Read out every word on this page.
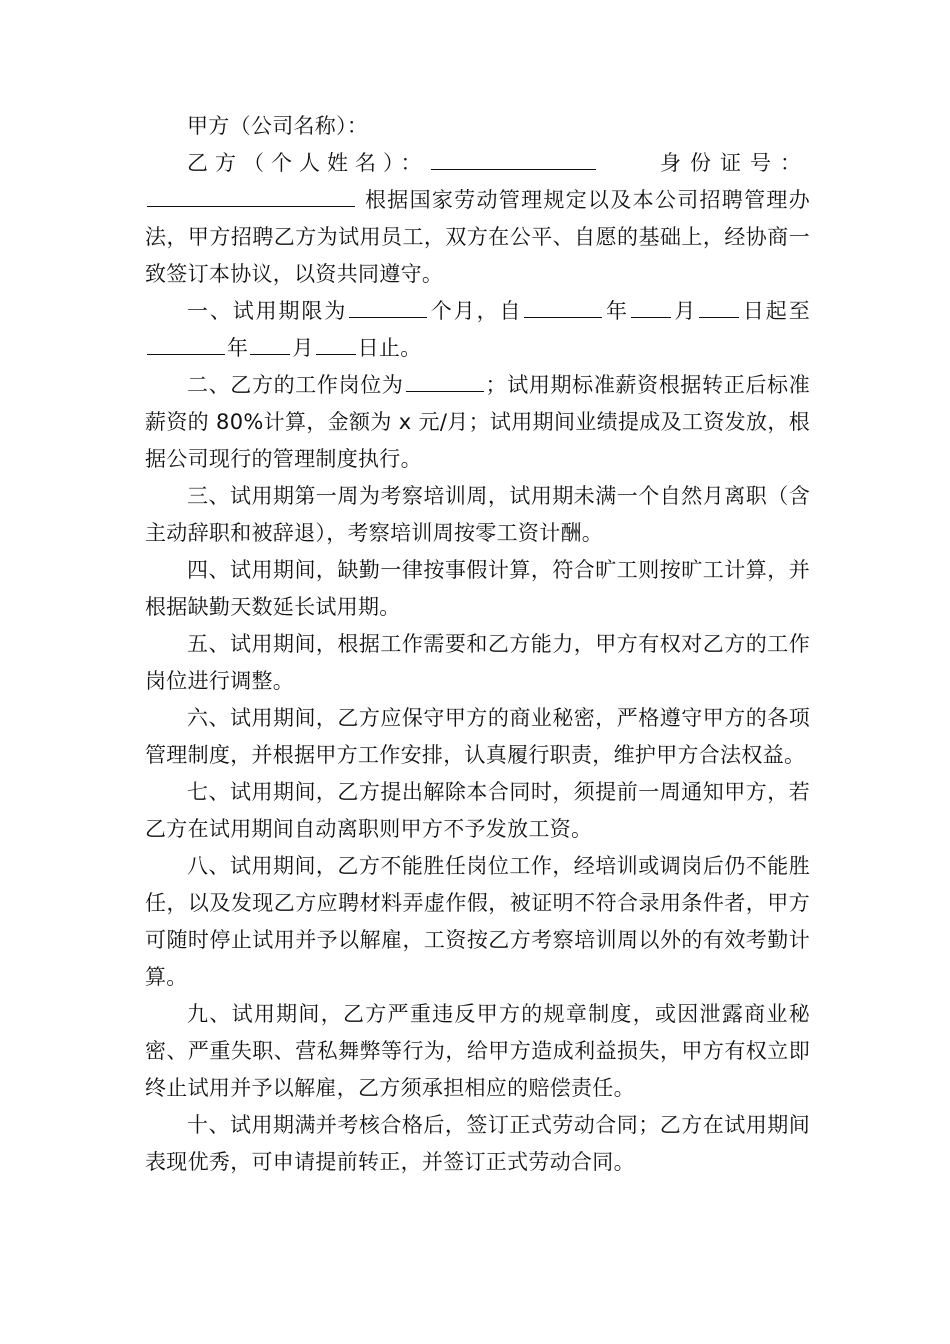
甲方（公司名称）：

乙方（个人姓名）：	身份证号：

根据国家劳动管理规定以及本公司招聘管理办法，甲方招聘乙方为试用员工，双方在公平、自愿的基础上，经协商一致签订本协议，以资共同遵守。

一、试用期限为	个月，自	年 月 日起至年 月 日止。

二、乙方的工作岗位为	；试用期标准薪资根据转正后标准薪资的 80%计算，金额为 x 元/月；试用期间业绩提成及工资发放，根据公司现行的管理制度执行。

三、试用期第一周为考察培训周，试用期未满一个自然月离职（含主动辞职和被辞退），考察培训周按零工资计酬。

四、试用期间，缺勤一律按事假计算，符合旷工则按旷工计算，并根据缺勤天数延长试用期。

五、试用期间，根据工作需要和乙方能力，甲方有权对乙方的工作岗位进行调整。

六、试用期间，乙方应保守甲方的商业秘密，严格遵守甲方的各项管理制度，并根据甲方工作安排，认真履行职责，维护甲方合法权益。

七、试用期间，乙方提出解除本合同时，须提前一周通知甲方，若乙方在试用期间自动离职则甲方不予发放工资。

八、试用期间，乙方不能胜任岗位工作，经培训或调岗后仍不能胜任，以及发现乙方应聘材料弄虚作假，被证明不符合录用条件者，甲方可随时停止试用并予以解雇，工资按乙方考察培训周以外的有效考勤计算。

九、试用期间，乙方严重违反甲方的规章制度，或因泄露商业秘密、严重失职、营私舞弊等行为，给甲方造成利益损失，甲方有权立即终止试用并予以解雇，乙方须承担相应的赔偿责任。

十、试用期满并考核合格后，签订正式劳动合同；乙方在试用期间表现优秀，可申请提前转正，并签订正式劳动合同。
